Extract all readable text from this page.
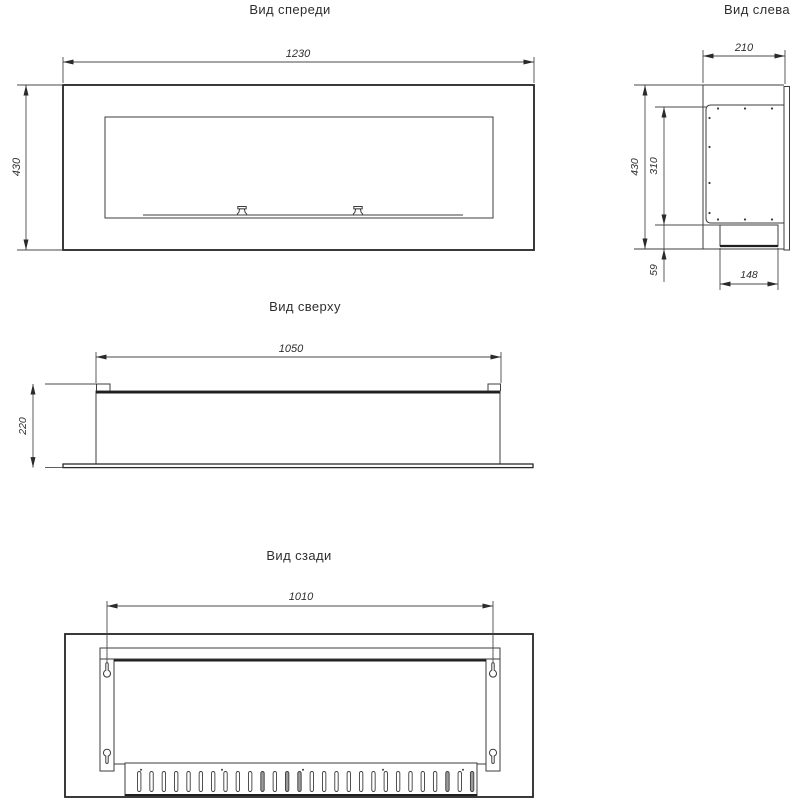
Вид спереди
1230
430
Вид слева
210
430 310
59	148
Вид сверху
1050
220
Вид сзади
1010
